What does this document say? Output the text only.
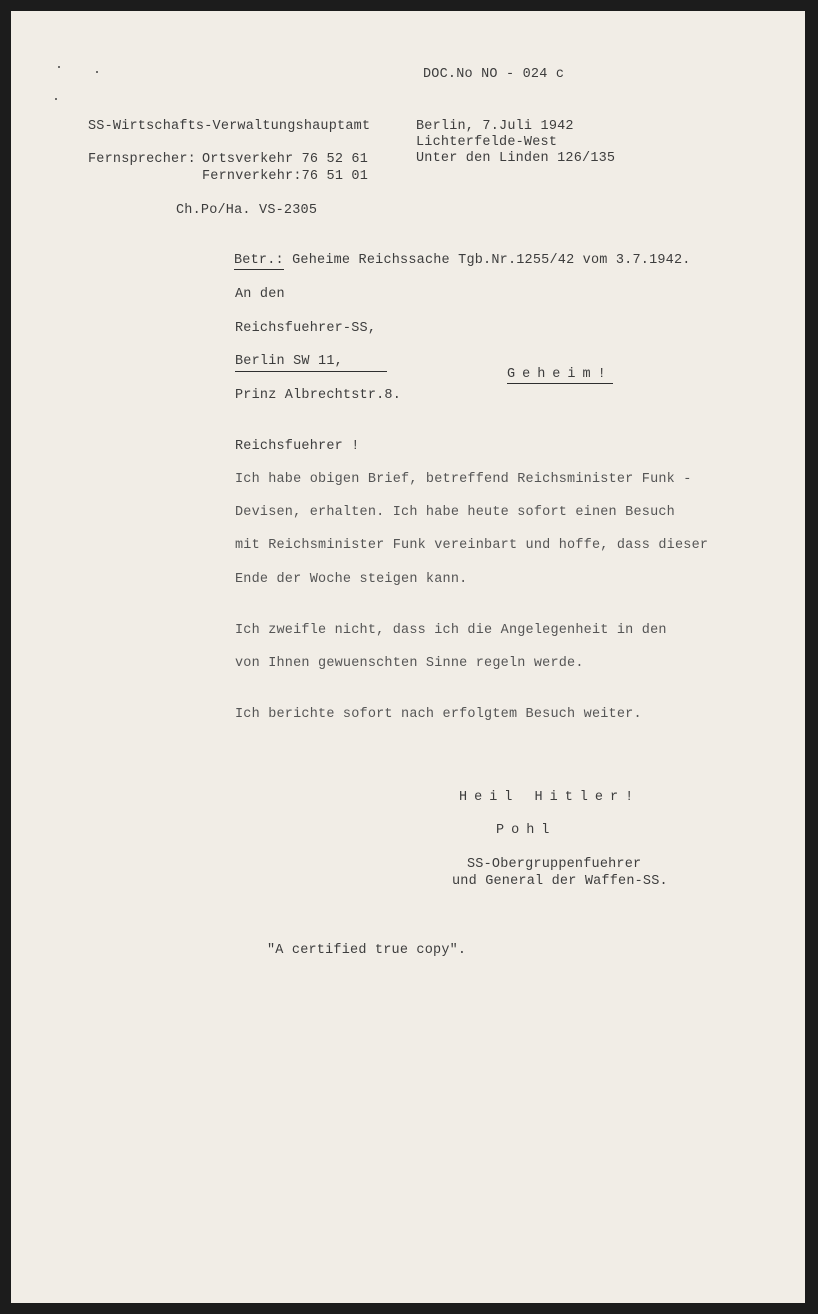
DOC.No NO - 024 c
SS-Wirtschafts-Verwaltungshauptamt
Fernsprecher: Ortsverkehr 76 52 61
Fernverkehr:76 51 01
Ch.Po/Ha. VS-2305
Berlin, 7.Juli 1942
Lichterfelde-West
Unter den Linden 126/135
Betr.: Geheime Reichssache Tgb.Nr.1255/42 vom 3.7.1942.
An den
Reichsfuehrer-SS,
Berlin SW 11,
Prinz Albrechtstr.8.
Geheim!
Reichsfuehrer !
Ich habe obigen Brief, betreffend Reichsminister Funk -
Devisen, erhalten. Ich habe heute sofort einen Besuch
mit Reichsminister Funk vereinbart und hoffe, dass dieser
Ende der Woche steigen kann.
Ich zweifle nicht, dass ich die Angelegenheit in den
von Ihnen gewuenschten Sinne regeln werde.
Ich berichte sofort nach erfolgtem Besuch weiter.
Heil Hitler!
Pohl
SS-Obergruppenfuehrer
und General der Waffen-SS.
"A certified true copy".
